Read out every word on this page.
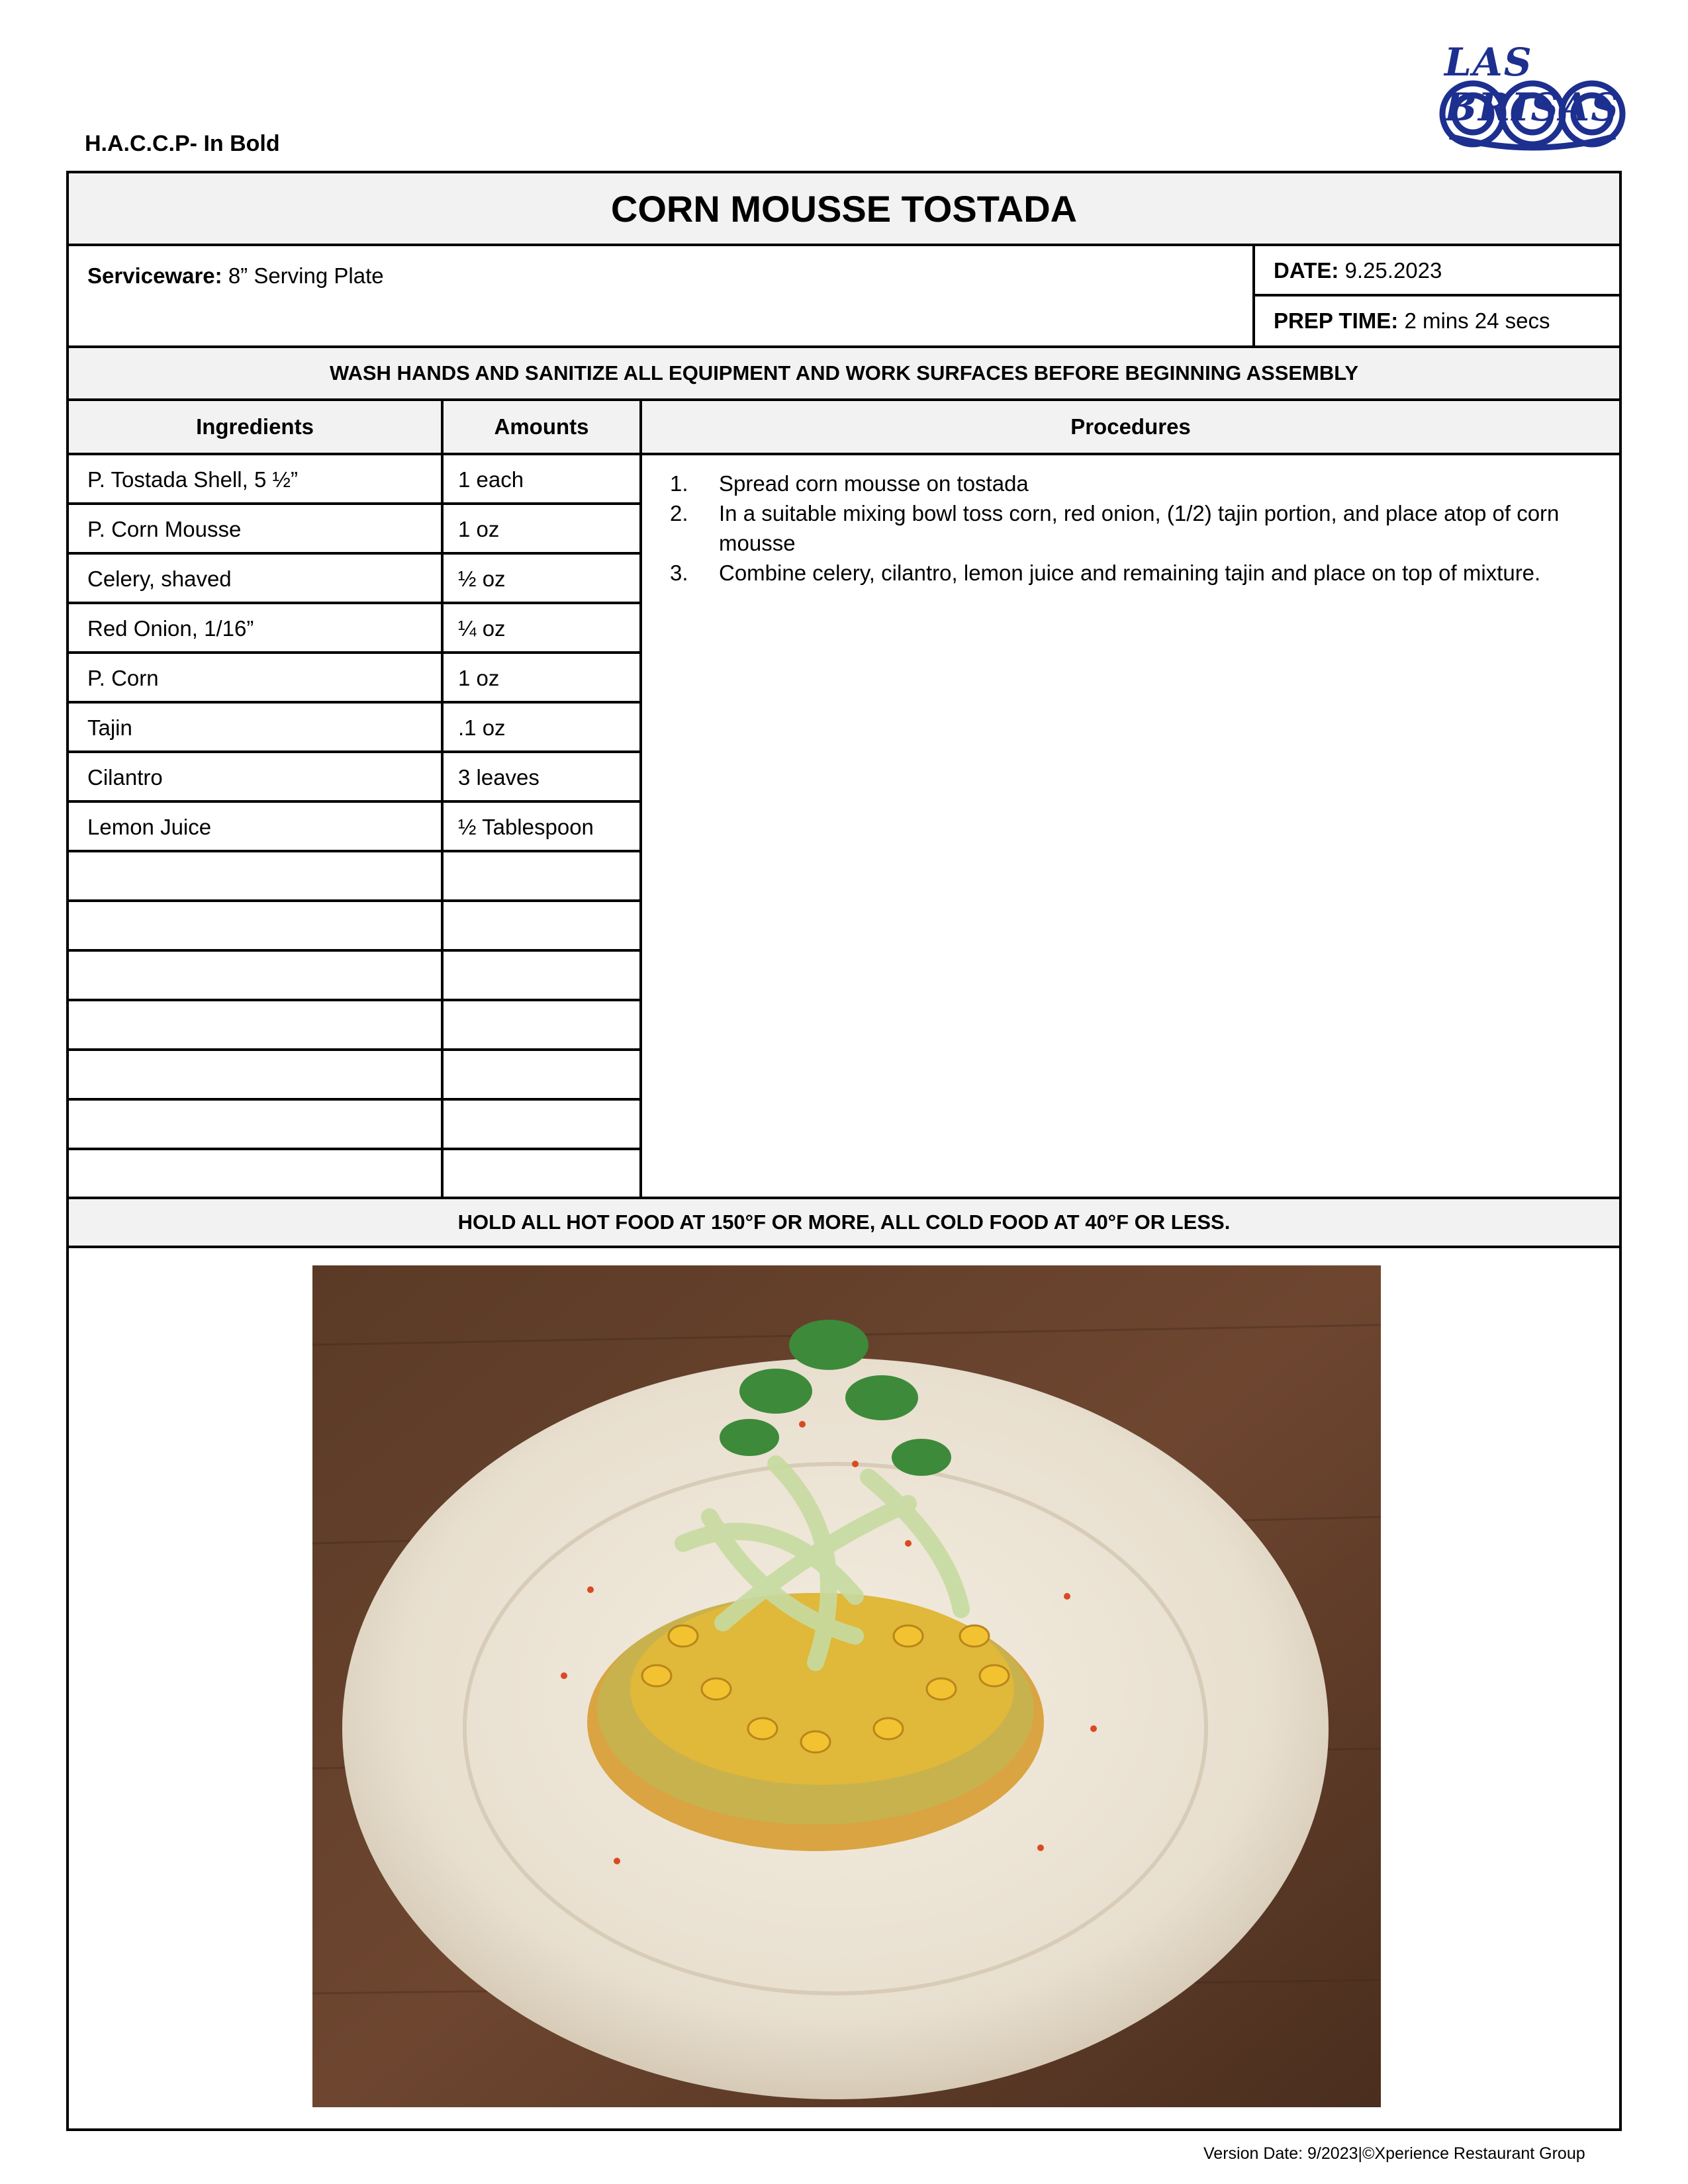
H.A.C.C.P- In Bold
LAS BRISAS
CORN MOUSSE TOSTADA
Serviceware: 8” Serving Plate	DATE: 9.25.2023
PREP TIME: 2 mins 24 secs
WASH HANDS AND SANITIZE ALL EQUIPMENT AND WORK SURFACES BEFORE BEGINNING ASSEMBLY
Ingredients	Amounts	Procedures
P. Tostada Shell, 5 ½”	1 each
P. Corn Mousse	1 oz
Celery, shaved	½ oz
Red Onion, 1/16”	¼ oz
P. Corn	1 oz
Tajin	.1 oz
Cilantro	3 leaves
Lemon Juice	½ Tablespoon
1. Spread corn mousse on tostada
2. In a suitable mixing bowl toss corn, red onion, (1/2) tajin portion, and place atop of corn mousse
3. Combine celery, cilantro, lemon juice and remaining tajin and place on top of mixture.
HOLD ALL HOT FOOD AT 150°F OR MORE, ALL COLD FOOD AT 40°F OR LESS.
Version Date: 9/2023|©Xperience Restaurant Group
